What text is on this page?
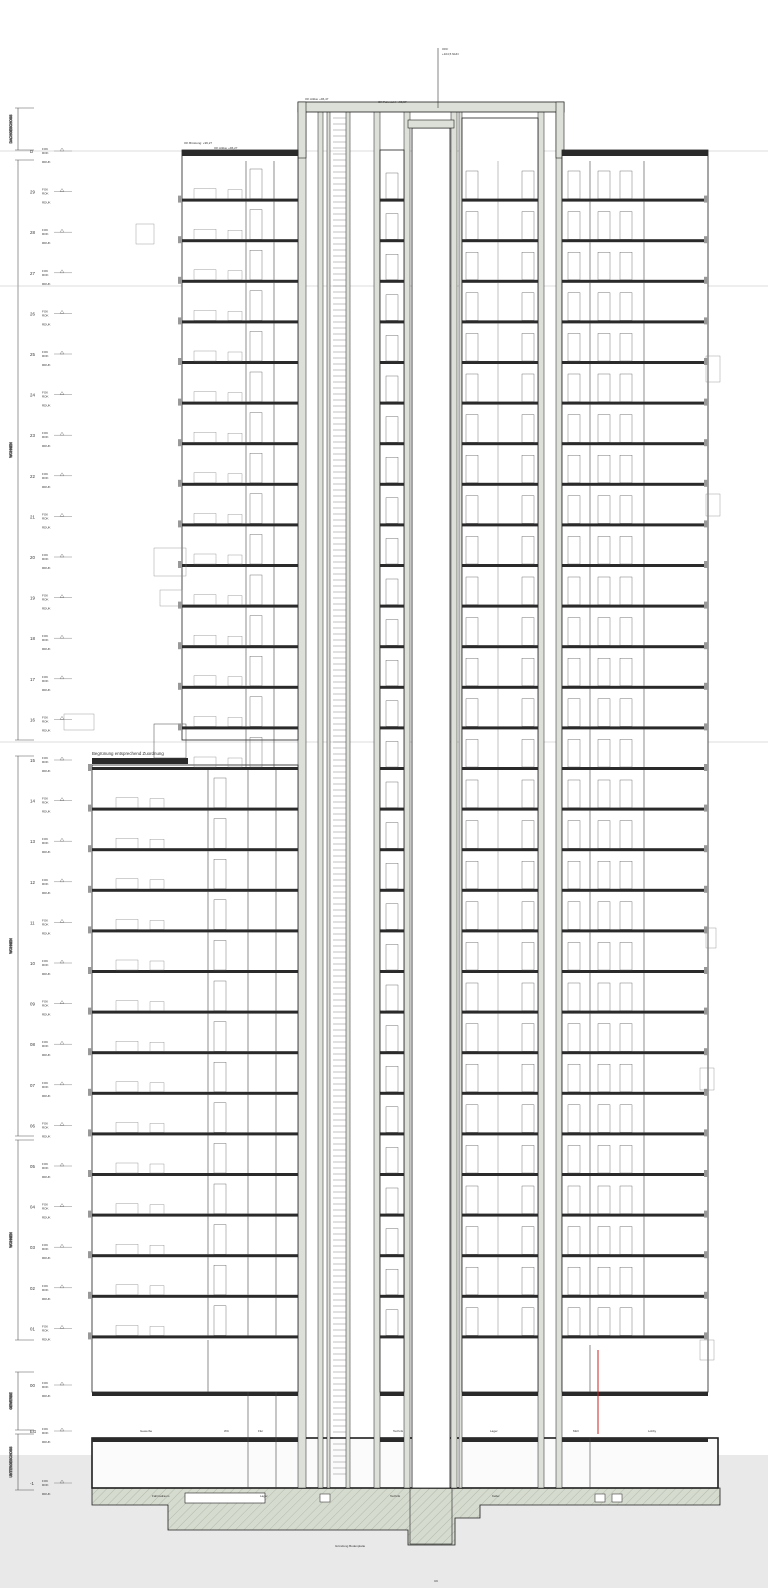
DACHGESCHOSS
WOHNEN
WOHNEN
WOHNEN
GEWERBE
UNTERGESCHOSS
D	FOK
ROK
RDUK
29 FOK
ROK
RDUK
28 FOK
ROK
RDUK
27 FOK
ROK
RDUK
26 FOK
ROK
RDUK
25 FOK
ROK
RDUK
24 FOK
ROK
RDUK
23 FOK
ROK
RDUK
22 FOK
ROK
RDUK
21 FOK
ROK
RDUK
20 FOK
ROK
RDUK
19 FOK
ROK
RDUK
18 FOK
ROK
RDUK
17 FOK
ROK
RDUK
16 FOK
ROK
RDUK
15 FOK
ROK
RDUK
14 FOK
ROK
RDUK
13 FOK
ROK
RDUK
12 FOK
ROK
RDUK
11 FOK
ROK
RDUK
10 FOK
ROK
RDUK
09 FOK
ROK
RDUK
08 FOK
ROK
RDUK
07 FOK
ROK
RDUK
06 FOK
ROK
RDUK
05 FOK
ROK
RDUK
04 FOK
ROK
RDUK
03 FOK
ROK
RDUK
02 FOK
ROK
RDUK
01 FOK
ROK
RDUK
00 FOK
ROK
RDUK
EG FOK
ROK
RDUK
-1	FOK
ROK
RDUK
OKF
+104,5 NHN
OK Attika: +96,47
OK Brüstung: +96,27
OK Attika: +96,27
OK Fahrstuhl: +96,57
Begrünung entsprechend Zuordnung
Gewerbe	WC	Flur	Technik	Lager	Müll	Lobby
Fahrradraum	Lager	Technik	Keller
Gründung Bodenplatte
UK
